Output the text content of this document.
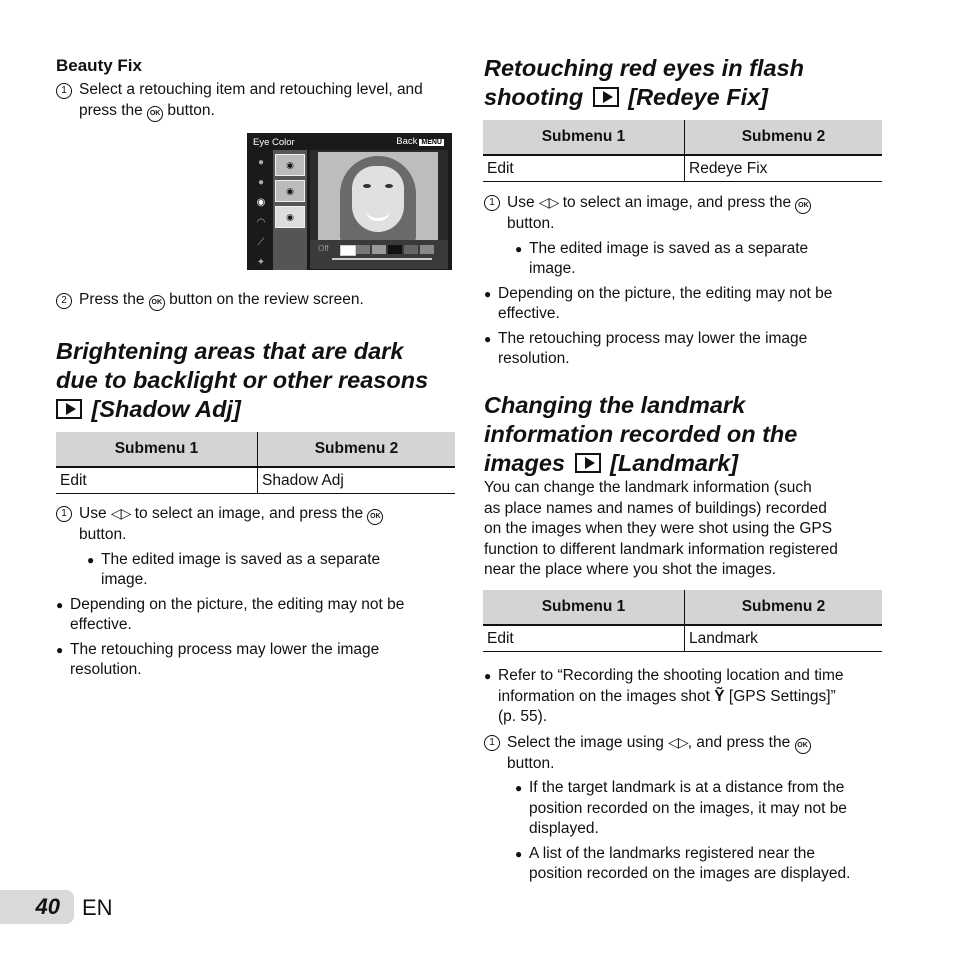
Beauty Fix
1 Select a retouching item and retouching level, and
press the OK button.
Eye Color	Back MENU
●
●
◉
◠
⟋
✦
◉
◉
◉
Off
2 Press the OK button on the review screen.
Brightening areas that are dark
due to backlight or other reasons
[Shadow Adj]
Submenu 1	Submenu 2
Edit	Shadow Adj
1 Use ◁▷ to select an image, and press the OK
button.
● The edited image is saved as a separate
image.
● Depending on the picture, the editing may not be
effective.
● The retouching process may lower the image
resolution.
Retouching red eyes in flash
shooting [Redeye Fix]
Submenu 1	Submenu 2
Edit	Redeye Fix
1 Use ◁▷ to select an image, and press the OK
button.
● The edited image is saved as a separate
image.
● Depending on the picture, the editing may not be
effective.
● The retouching process may lower the image
resolution.
Changing the landmark
information recorded on the
images [Landmark]
You can change the landmark information (such
as place names and names of buildings) recorded
on the images when they were shot using the GPS
function to different landmark information registered
near the place where you shot the images.
Submenu 1	Submenu 2
Edit	Landmark
● Refer to “Recording the shooting location and time
information on the images shot Ỹ [GPS Settings]”
(p. 55).
1 Select the image using ◁▷, and press the OK
button.
● If the target landmark is at a distance from the
position recorded on the images, it may not be
displayed.
● A list of the landmarks registered near the
position recorded on the images are displayed.
40 EN
